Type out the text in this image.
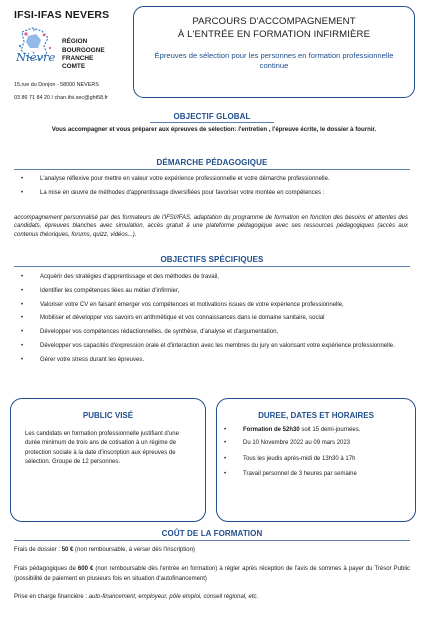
IFSI-IFAS NEVERS
Nièvre
RÉGION
BOURGOGNE
FRANCHE
COMTE
15,rue du Donjon - 58000 NEVERS
03 86 71 84 20 / chan.ifsi.sec@ght58.fr
PARCOURS D'ACCOMPAGNEMENT
À L'ENTRÉE EN FORMATION INFIRMIÈRE
Épreuves de sélection pour les personnes en formation professionnelle continue
OBJECTIF GLOBAL
Vous accompagner et vous préparer aux épreuves de sélection: l'entretien , l'épreuve écrite, le dossier à fournir.
DÉMARCHE PÉDAGOGIQUE
•	L'analyse réflexive pour mettre en valeur votre expérience professionnelle et votre démarche professionnelle.
•	La mise en œuvre de méthodes d'apprentissage diversifiées pour favoriser votre montée en compétences :
accompagnement personnalisé par des formateurs de l'IFSI/IFAS, adaptation du programme de formation en fonction des besoins et attentes des candidats, épreuves blanches avec simulation, accès gratuit à une plateforme pédagogique avec ses ressources pédagogiques (accès aux contenus théoriques, forums, quizz, vidéos...).
OBJECTIFS SPÉCIFIQUES
•	Acquérir des stratégies d'apprentissage et des méthodes de travail,
•	Identifier les compétences liées au métier d'infirmier,
•	Valoriser votre CV en faisant émerger vos compétences et motivations issues de votre expérience professionnelle,
•	Mobiliser et développer vos savoirs en arithmétique et vos connaissances dans le domaine sanitaire, social
•	Développer vos compétences rédactionnelles, de synthèse, d'analyse et d'argumentation,
•	Développer vos capacités d'expression orale et d'interaction avec les membres du jury en valorisant votre expérience professionnelle.
•	Gérer votre stress durant les épreuves.
PUBLIC VISÉ
Les candidats en formation professionnelle justifiant d'une durée minimum de trois ans de cotisation à un régime de protection sociale à la date d'inscription aux épreuves de sélection. Groupe de 12 personnes.
DUREE, DATES ET HORAIRES
•	Formation de 52h30 soit 15 demi-journées.
•	Du 10 Novembre 2022 au 09 mars 2023
•	Tous les jeudis après-midi de 13h30 à 17h
•	Travail personnel de 3 heures par semaine
COÛT DE LA FORMATION
Frais de dossier : 50 € (non remboursable, à verser dès l'inscription)
Frais pédagogiques de 600 € (non remboursable dès l'entrée en formation) à régler après réception de l'avis de sommes à payer du Trésor Public (possibilité de paiement en plusieurs fois en situation d'autofinancement)
Prise en charge financière : auto-financement, employeur, pôle emploi, conseil régional, etc.
